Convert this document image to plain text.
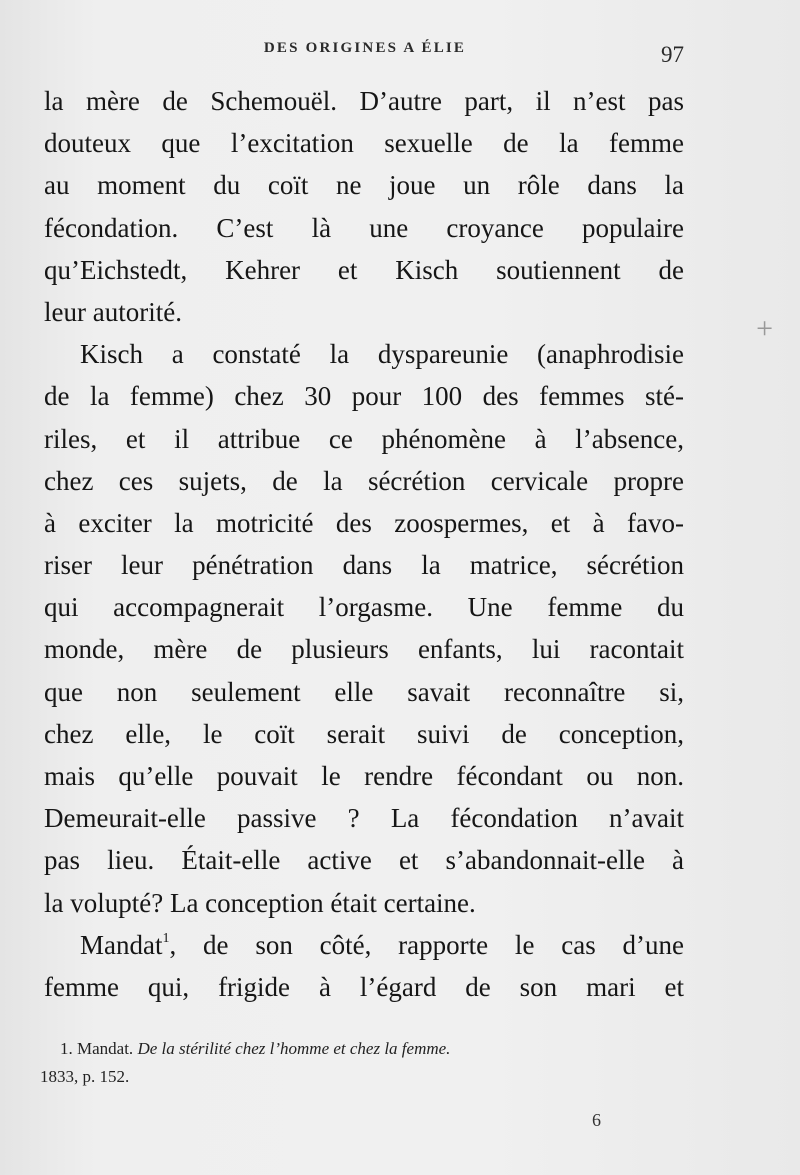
DES ORIGINES A ÉLIE	97
la mère de Schemouël. D’autre part, il n’est pas
douteux que l’excitation sexuelle de la femme
au moment du coït ne joue un rôle dans la
fécondation. C’est là une croyance populaire
qu’Eichstedt, Kehrer et Kisch soutiennent de
leur autorité.
Kisch a constaté la dyspareunie (anaphrodisie
de la femme) chez 30 pour 100 des femmes sté-
riles, et il attribue ce phénomène à l’absence,
chez ces sujets, de la sécrétion cervicale propre
à exciter la motricité des zoospermes, et à favo-
riser leur pénétration dans la matrice, sécrétion
qui accompagnerait l’orgasme. Une femme du
monde, mère de plusieurs enfants, lui racontait
que non seulement elle savait reconnaître si,
chez elle, le coït serait suivi de conception,
mais qu’elle pouvait le rendre fécondant ou non.
Demeurait-elle passive ? La fécondation n’avait
pas lieu. Était-elle active et s’abandonnait-elle à
la volupté? La conception était certaine.
Mandat$^1$, de son côté, rapporte le cas d’une
femme qui, frigide à l’égard de son mari et
1. Mandat. De la stérilité chez l’homme et chez la femme.
1833, p. 152.
+
6
